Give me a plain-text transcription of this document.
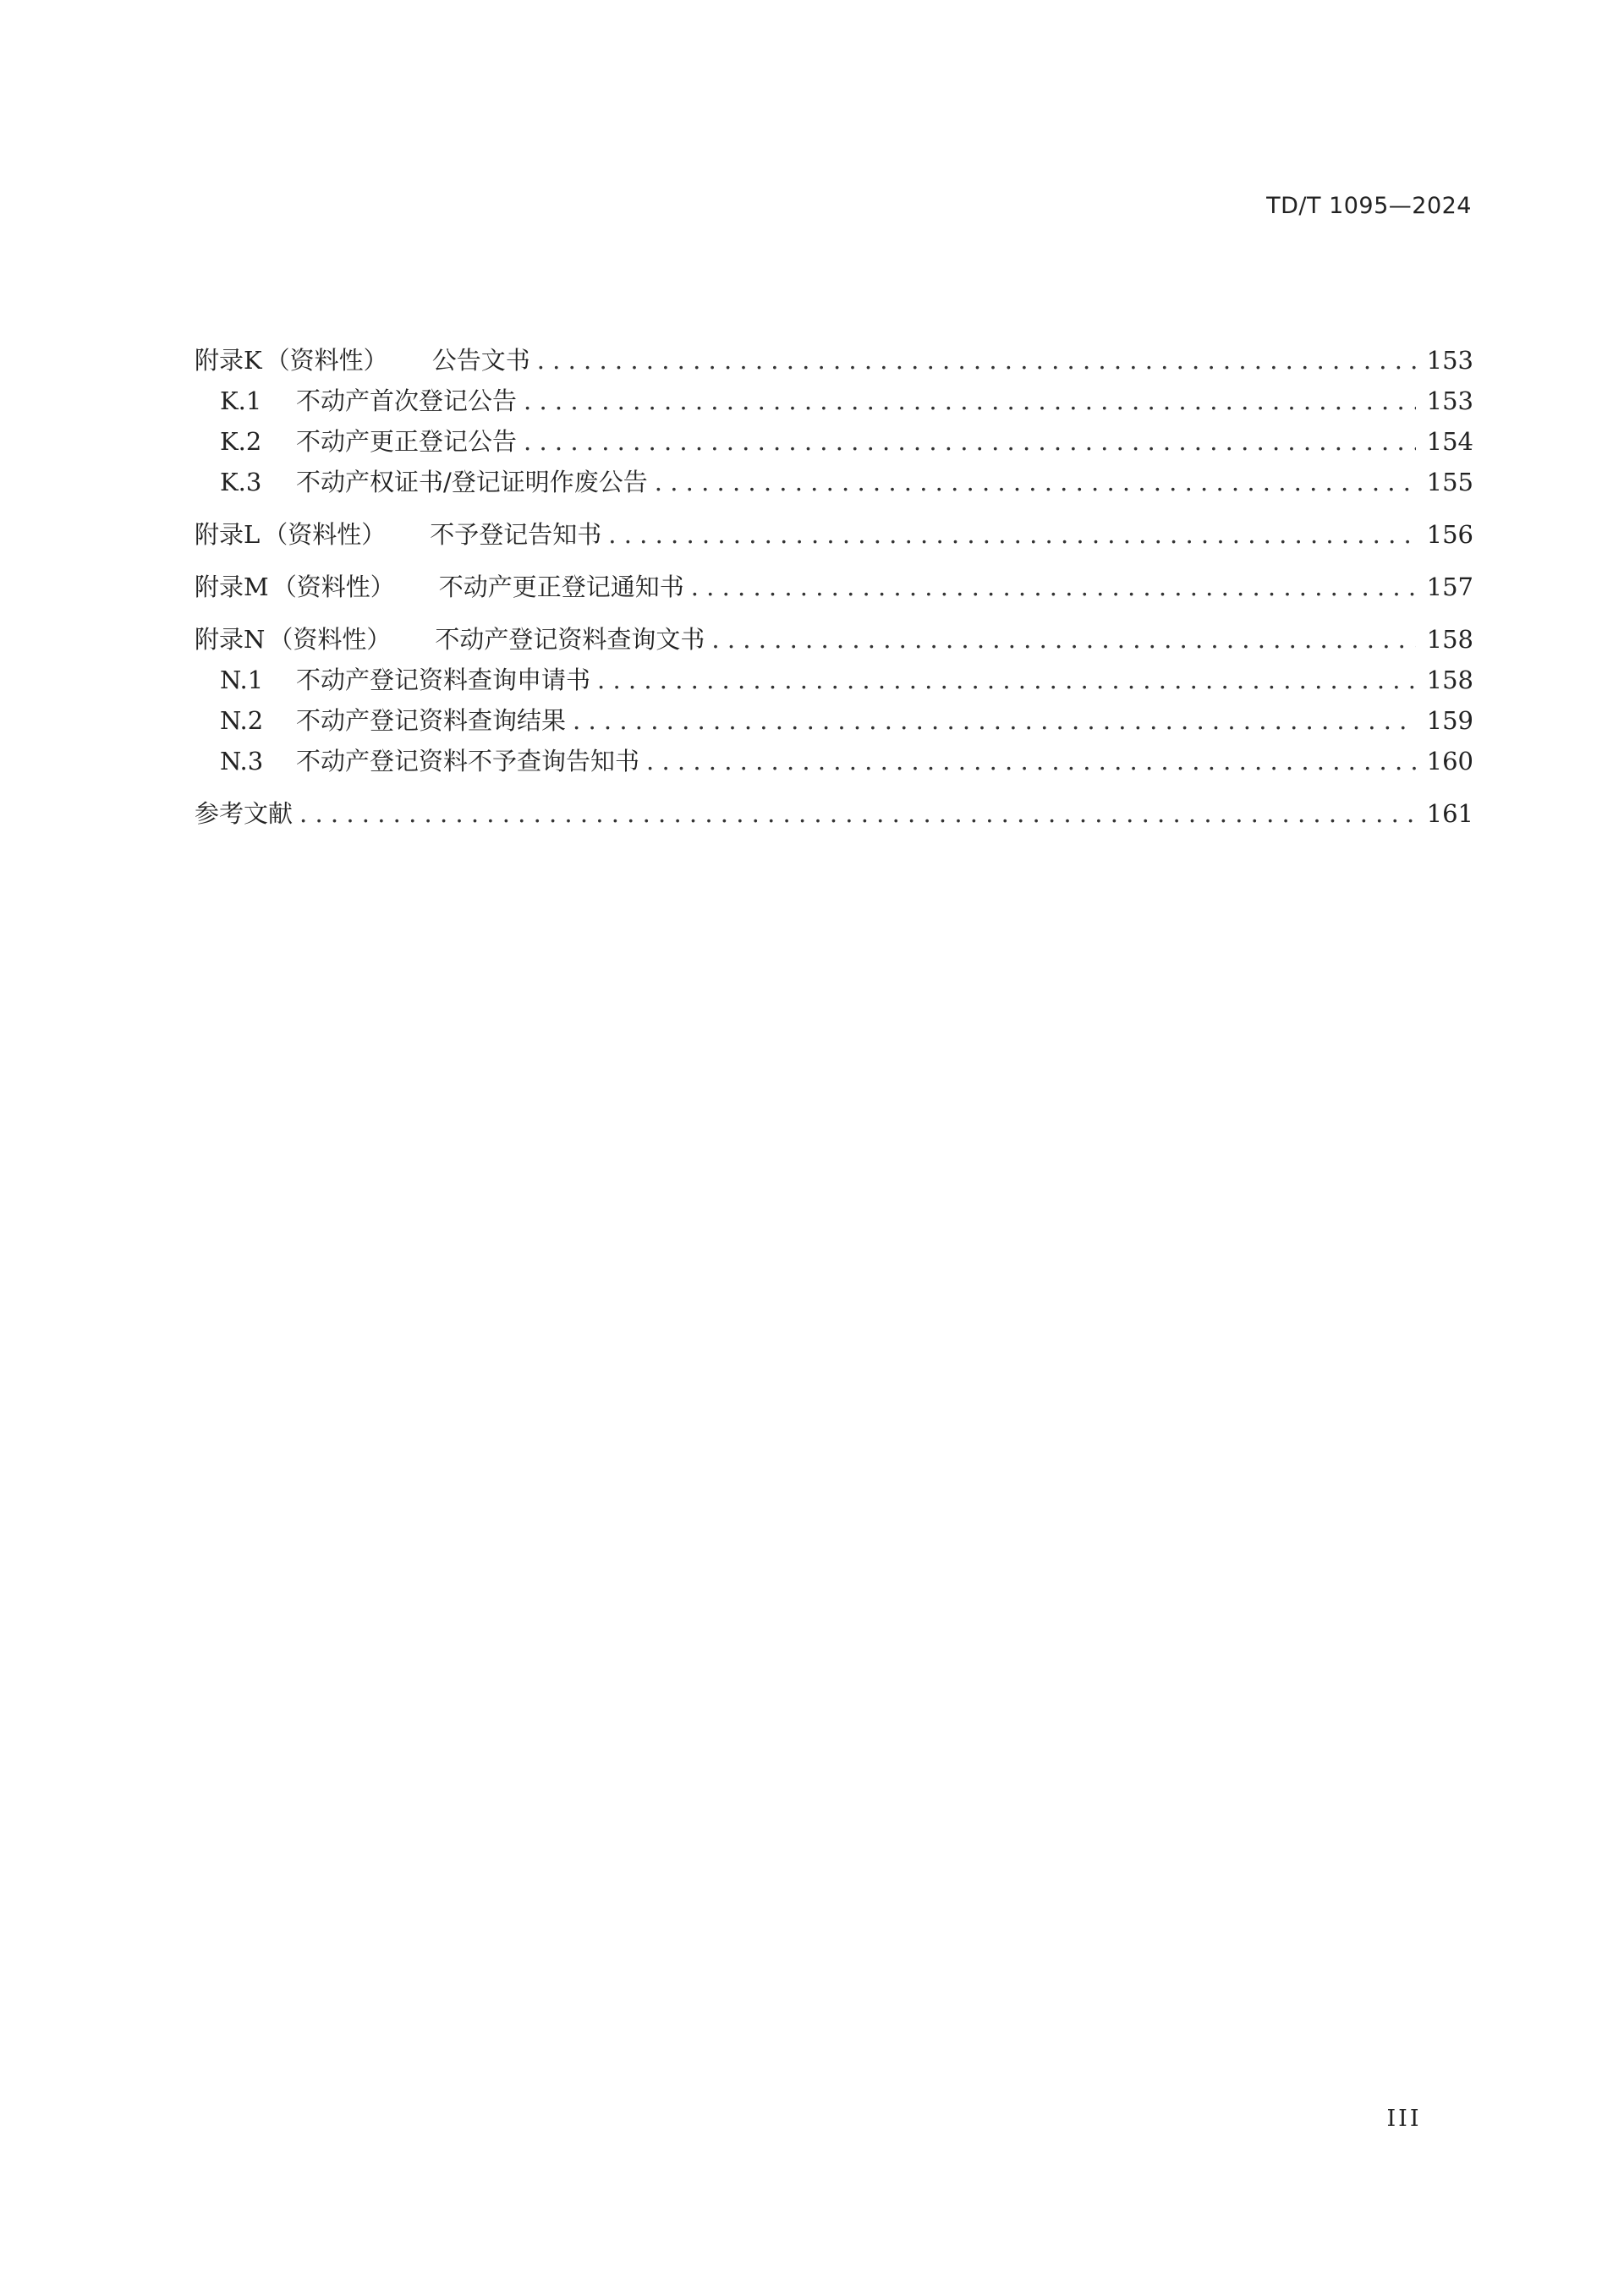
TD/T 1095—2024
附录K （资料性） 公告文书 . . .	153
K.1	不动产首次登记公告 . . .	153
K.2	不动产更正登记公告 . . .	154
K.3	不动产权证书/登记证明作废公告 . . .	155
附录L （资料性） 不予登记告知书 . . .	156
附录M （资料性） 不动产更正登记通知书 . . .	157
附录N （资料性） 不动产登记资料查询文书 . . .	158
N.1	不动产登记资料查询申请书 . . .	158
N.2	不动产登记资料查询结果 . . .	159
N.3	不动产登记资料不予查询告知书 . . .	160
参考文献 . . .	161
III
